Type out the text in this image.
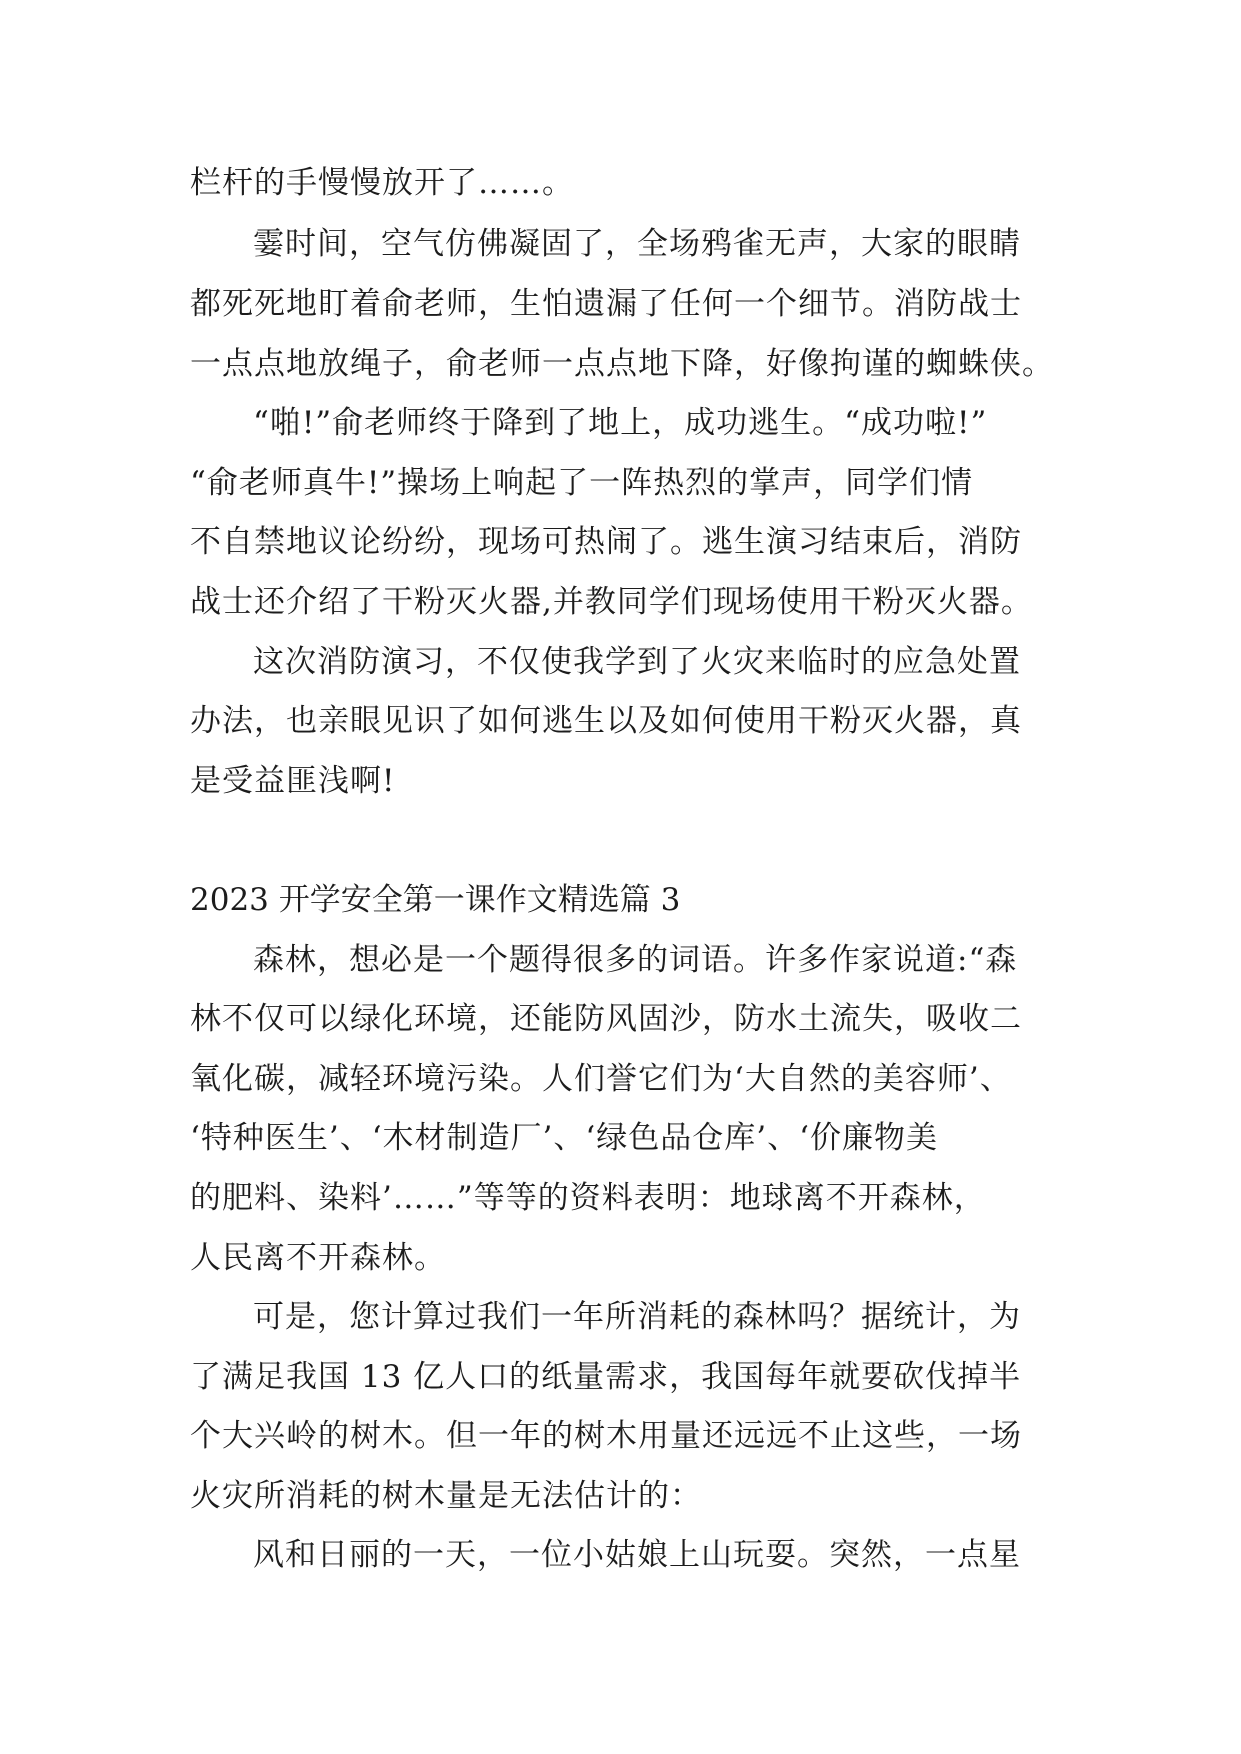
栏杆的手慢慢放开了……。
霎时间，空气仿佛凝固了，全场鸦雀无声，大家的眼睛
都死死地盯着俞老师，生怕遗漏了任何一个细节。消防战士
一点点地放绳子，俞老师一点点地下降，好像拘谨的蜘蛛侠。
“啪!”俞老师终于降到了地上，成功逃生。“成功啦!”
“俞老师真牛!”操场上响起了一阵热烈的掌声，同学们情
不自禁地议论纷纷，现场可热闹了。逃生演习结束后，消防
战士还介绍了干粉灭火器,并教同学们现场使用干粉灭火器。
这次消防演习，不仅使我学到了火灾来临时的应急处置
办法，也亲眼见识了如何逃生以及如何使用干粉灭火器，真
是受益匪浅啊!
2023 开学安全第一课作文精选篇 3
森林，想必是一个题得很多的词语。许多作家说道:“森
林不仅可以绿化环境，还能防风固沙，防水土流失，吸收二
氧化碳，减轻环境污染。人们誉它们为‘大自然的美容师’、
‘特种医生’、‘木材制造厂’、‘绿色品仓库’、‘价廉物美
的肥料、染料’……”等等的资料表明：地球离不开森林，
人民离不开森林。
可是，您计算过我们一年所消耗的森林吗？据统计，为
了满足我国 13 亿人口的纸量需求，我国每年就要砍伐掉半
个大兴岭的树木。但一年的树木用量还远远不止这些，一场
火灾所消耗的树木量是无法估计的：
风和日丽的一天，一位小姑娘上山玩耍。突然，一点星
